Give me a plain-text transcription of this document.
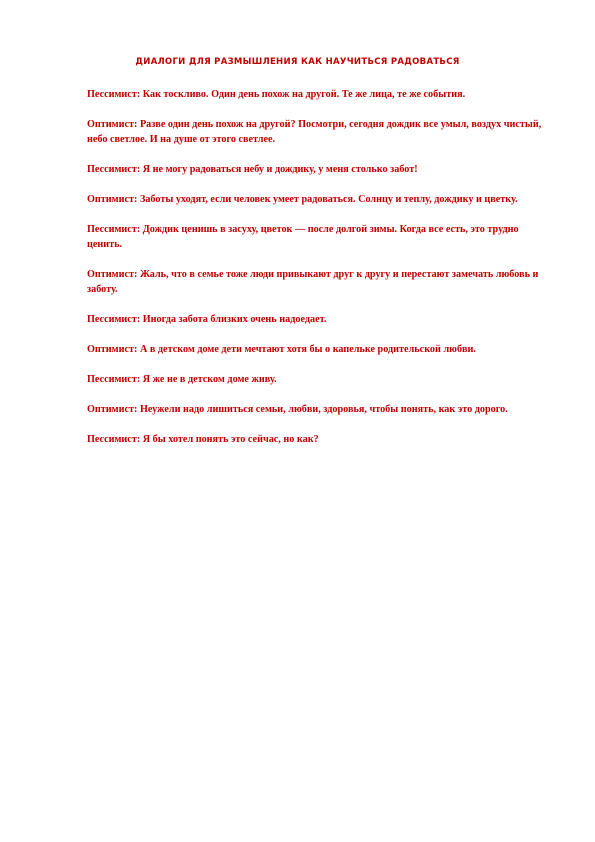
ДИАЛОГИ ДЛЯ РАЗМЫШЛЕНИЯ КАК НАУЧИТЬСЯ РАДОВАТЬСЯ

Пессимист: Как тоскливо. Один день похож на другой. Те же лица, те же события.

Оптимист: Разве один день похож на другой? Посмотри, сегодня дождик все умыл, воздух чистый, небо светлое. И на душе от этого светлее.

Пессимист: Я не могу радоваться небу и дождику, у меня столько забот!

Оптимист: Заботы уходят, если человек умеет радоваться. Солнцу и теплу, дождику и цветку.

Пессимист: Дождик ценишь в засуху, цветок — после долгой зимы. Когда все есть, это трудно ценить.

Оптимист: Жаль, что в семье тоже люди привыкают друг к другу и перестают замечать любовь и заботу.

Пессимист: Иногда забота близких очень надоедает.

Оптимист: А в детском доме дети мечтают хотя бы о капельке родительской любви.

Пессимист: Я же не в детском доме живу.

Оптимист: Неужели надо лишиться семьи, любви, здоровья, чтобы понять, как это дорого.

Пессимист: Я бы хотел понять это сейчас, но как?
